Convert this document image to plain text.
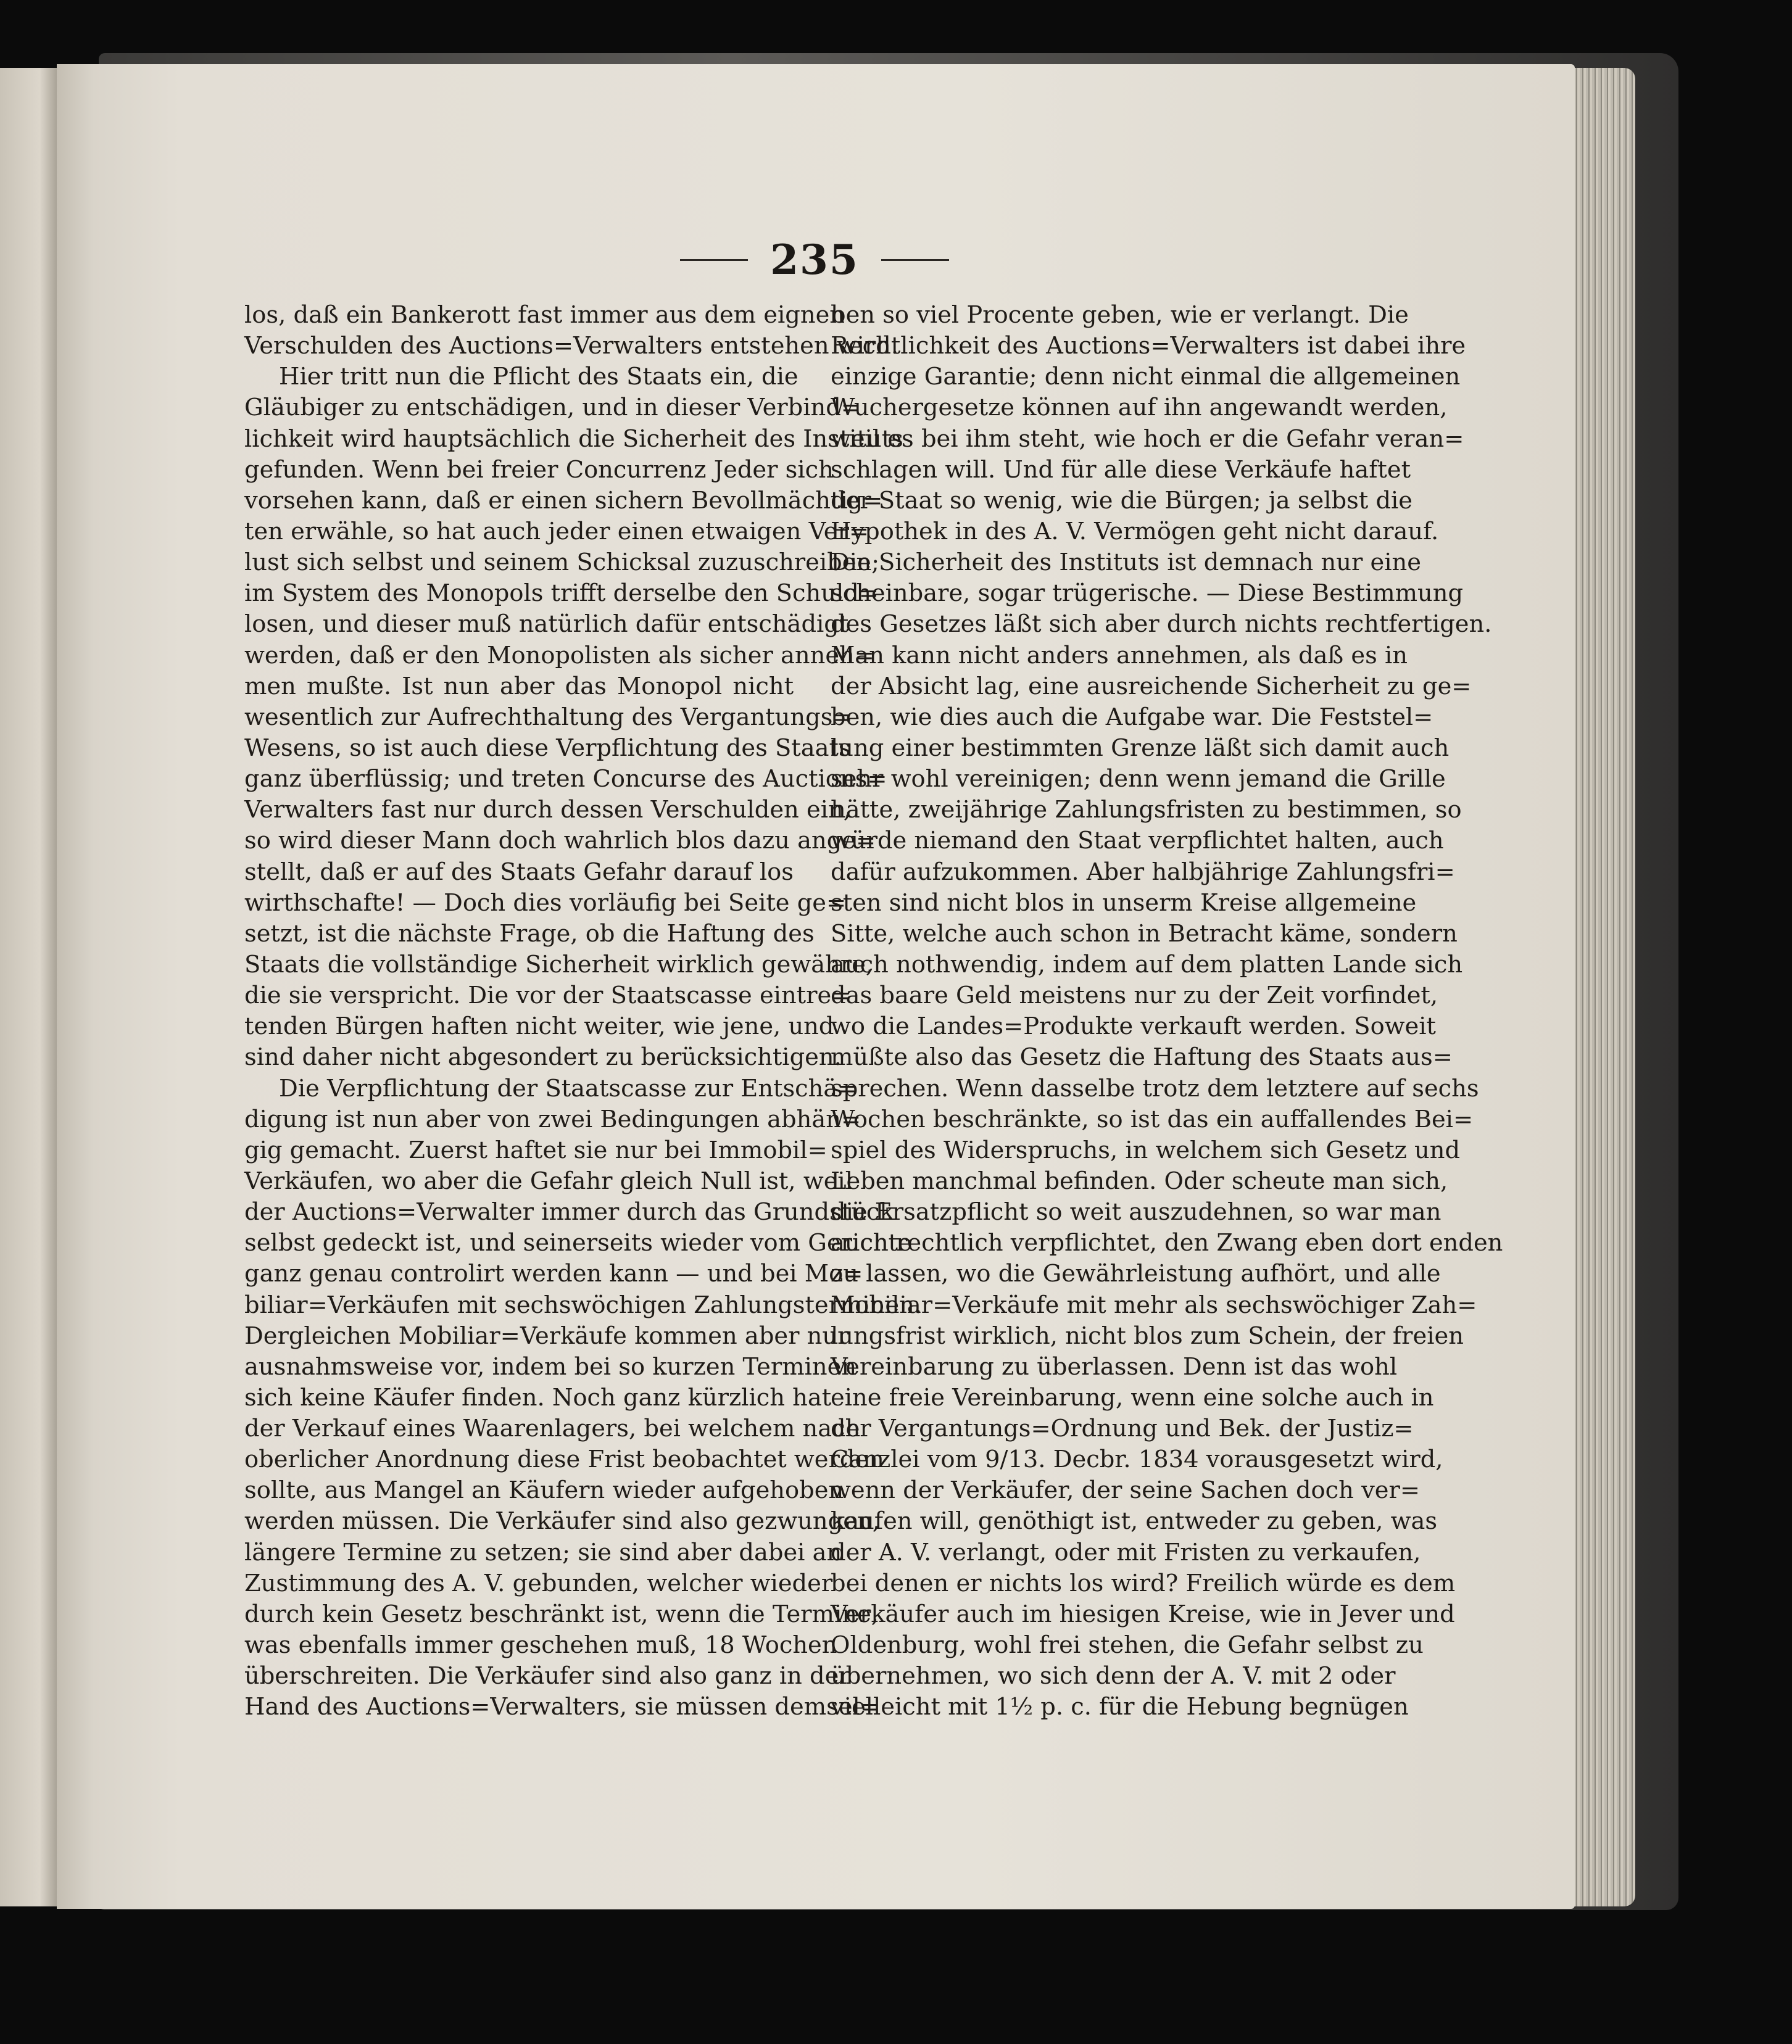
235
los, daß ein Bankerott fast immer aus dem eignen
Verschulden des Auctions=Verwalters entstehen wird.
Hier tritt nun die Pflicht des Staats ein, die
Gläubiger zu entschädigen, und in dieser Verbind=
lichkeit wird hauptsächlich die Sicherheit des Instituts
gefunden. Wenn bei freier Concurrenz Jeder sich
vorsehen kann, daß er einen sichern Bevollmächtig=
ten erwähle, so hat auch jeder einen etwaigen Ver=
lust sich selbst und seinem Schicksal zuzuschreiben;
im System des Monopols trifft derselbe den Schuld=
losen, und dieser muß natürlich dafür entschädigt
werden, daß er den Monopolisten als sicher anneh=
men mußte. Ist nun aber das Monopol nicht
wesentlich zur Aufrechthaltung des Vergantungs=
Wesens, so ist auch diese Verpflichtung des Staats
ganz überflüssig; und treten Concurse des Auctions=
Verwalters fast nur durch dessen Verschulden ein,
so wird dieser Mann doch wahrlich blos dazu ange=
stellt, daß er auf des Staats Gefahr darauf los
wirthschafte! — Doch dies vorläufig bei Seite ge=
setzt, ist die nächste Frage, ob die Haftung des
Staats die vollständige Sicherheit wirklich gewähre,
die sie verspricht. Die vor der Staatscasse eintre=
tenden Bürgen haften nicht weiter, wie jene, und
sind daher nicht abgesondert zu berücksichtigen.
Die Verpflichtung der Staatscasse zur Entschä=
digung ist nun aber von zwei Bedingungen abhän=
gig gemacht. Zuerst haftet sie nur bei Immobil=
Verkäufen, wo aber die Gefahr gleich Null ist, weil
der Auctions=Verwalter immer durch das Grundstück
selbst gedeckt ist, und seinerseits wieder vom Gerichte
ganz genau controlirt werden kann — und bei Mo=
biliar=Verkäufen mit sechswöchigen Zahlungsterminen.
Dergleichen Mobiliar=Verkäufe kommen aber nur
ausnahmsweise vor, indem bei so kurzen Terminen
sich keine Käufer finden. Noch ganz kürzlich hat
der Verkauf eines Waarenlagers, bei welchem nach
oberlicher Anordnung diese Frist beobachtet werden
sollte, aus Mangel an Käufern wieder aufgehoben
werden müssen. Die Verkäufer sind also gezwungen,
längere Termine zu setzen; sie sind aber dabei an
Zustimmung des A. V. gebunden, welcher wieder
durch kein Gesetz beschränkt ist, wenn die Termine,
was ebenfalls immer geschehen muß, 18 Wochen
überschreiten. Die Verkäufer sind also ganz in der
Hand des Auctions=Verwalters, sie müssen demsel=
ben so viel Procente geben, wie er verlangt. Die
Rechtlichkeit des Auctions=Verwalters ist dabei ihre
einzige Garantie; denn nicht einmal die allgemeinen
Wuchergesetze können auf ihn angewandt werden,
weil es bei ihm steht, wie hoch er die Gefahr veran=
schlagen will. Und für alle diese Verkäufe haftet
der Staat so wenig, wie die Bürgen; ja selbst die
Hypothek in des A. V. Vermögen geht nicht darauf.
Die Sicherheit des Instituts ist demnach nur eine
scheinbare, sogar trügerische. — Diese Bestimmung
des Gesetzes läßt sich aber durch nichts rechtfertigen.
Man kann nicht anders annehmen, als daß es in
der Absicht lag, eine ausreichende Sicherheit zu ge=
ben, wie dies auch die Aufgabe war. Die Feststel=
lung einer bestimmten Grenze läßt sich damit auch
sehr wohl vereinigen; denn wenn jemand die Grille
hätte, zweijährige Zahlungsfristen zu bestimmen, so
würde niemand den Staat verpflichtet halten, auch
dafür aufzukommen. Aber halbjährige Zahlungsfri=
sten sind nicht blos in unserm Kreise allgemeine
Sitte, welche auch schon in Betracht käme, sondern
auch nothwendig, indem auf dem platten Lande sich
das baare Geld meistens nur zu der Zeit vorfindet,
wo die Landes=Produkte verkauft werden. Soweit
müßte also das Gesetz die Haftung des Staats aus=
sprechen. Wenn dasselbe trotz dem letztere auf sechs
Wochen beschränkte, so ist das ein auffallendes Bei=
spiel des Widerspruchs, in welchem sich Gesetz und
Leben manchmal befinden. Oder scheute man sich,
die Ersatzpflicht so weit auszudehnen, so war man
auch rechtlich verpflichtet, den Zwang eben dort enden
zu lassen, wo die Gewährleistung aufhört, und alle
Mobiliar=Verkäufe mit mehr als sechswöchiger Zah=
lungsfrist wirklich, nicht blos zum Schein, der freien
Vereinbarung zu überlassen. Denn ist das wohl
eine freie Vereinbarung, wenn eine solche auch in
der Vergantungs=Ordnung und Bek. der Justiz=
Canzlei vom 9/13. Decbr. 1834 vorausgesetzt wird,
wenn der Verkäufer, der seine Sachen doch ver=
kaufen will, genöthigt ist, entweder zu geben, was
der A. V. verlangt, oder mit Fristen zu verkaufen,
bei denen er nichts los wird? Freilich würde es dem
Verkäufer auch im hiesigen Kreise, wie in Jever und
Oldenburg, wohl frei stehen, die Gefahr selbst zu
übernehmen, wo sich denn der A. V. mit 2 oder
vielleicht mit 1½ p. c. für die Hebung begnügen
